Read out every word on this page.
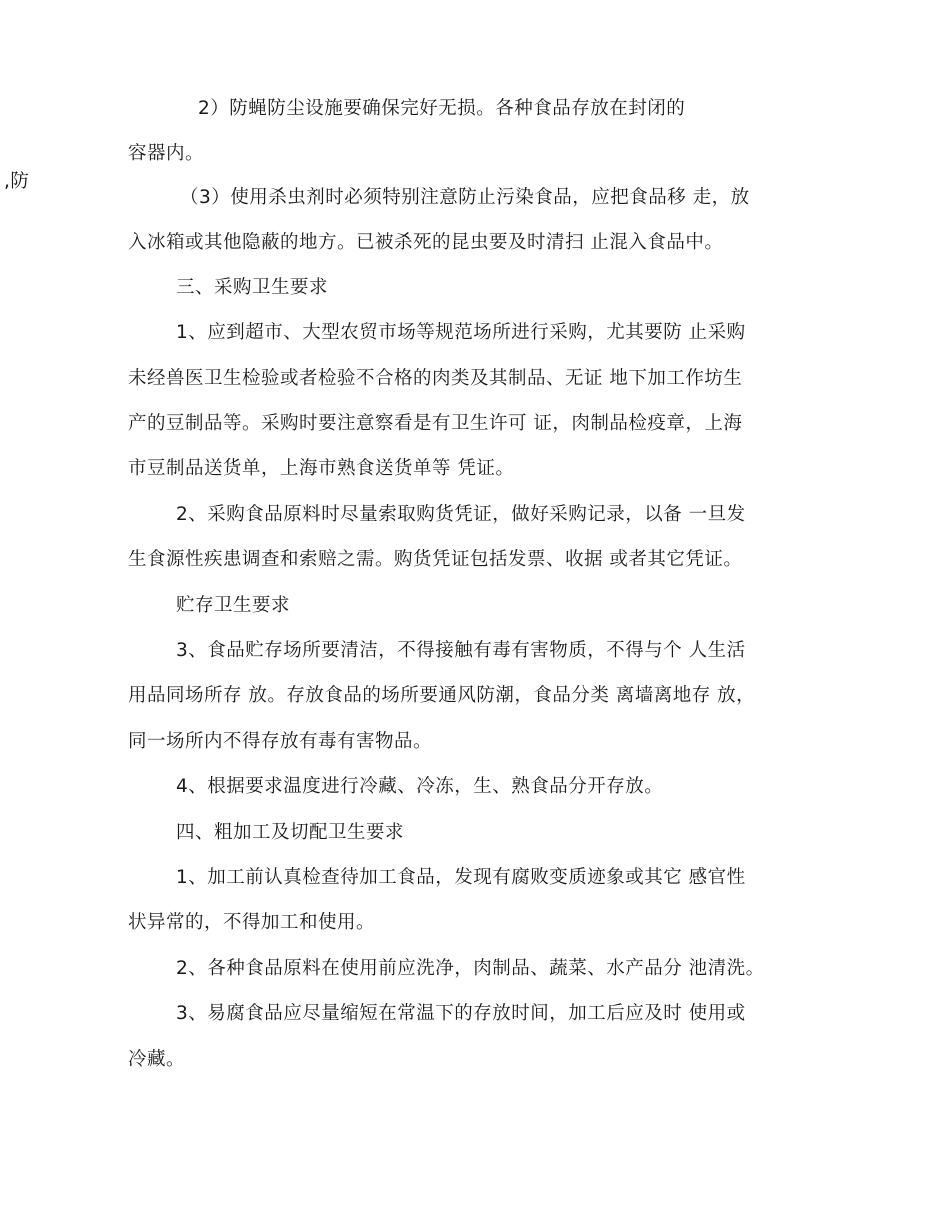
,防
2）防蝇防尘设施要确保完好无损。各种食品存放在封闭的
容器内。
（3）使用杀虫剂时必须特别注意防止污染食品，应把食品移 走，放
入冰箱或其他隐蔽的地方。已被杀死的昆虫要及时清扫 止混入食品中。
三、采购卫生要求
1、应到超市、大型农贸市场等规范场所进行采购，尤其要防 止采购
未经兽医卫生检验或者检验不合格的肉类及其制品、无证 地下加工作坊生
产的豆制品等。采购时要注意察看是有卫生许可 证，肉制品检疫章，上海
市豆制品送货单，上海市熟食送货单等 凭证。
2、采购食品原料时尽量索取购货凭证，做好采购记录，以备 一旦发
生食源性疾患调查和索赔之需。购货凭证包括发票、收据 或者其它凭证。
贮存卫生要求
3、食品贮存场所要清洁，不得接触有毒有害物质，不得与个 人生活
用品同场所存 放。存放食品的场所要通风防潮，食品分类 离墙离地存 放，
同一场所内不得存放有毒有害物品。
4、根据要求温度进行冷藏、冷冻，生、熟食品分开存放。
四、粗加工及切配卫生要求
1、加工前认真检查待加工食品，发现有腐败变质迹象或其它 感官性
状异常的，不得加工和使用。
2、各种食品原料在使用前应洗净，肉制品、蔬菜、水产品分 池清洗。
3、易腐食品应尽量缩短在常温下的存放时间，加工后应及时 使用或
冷藏。
